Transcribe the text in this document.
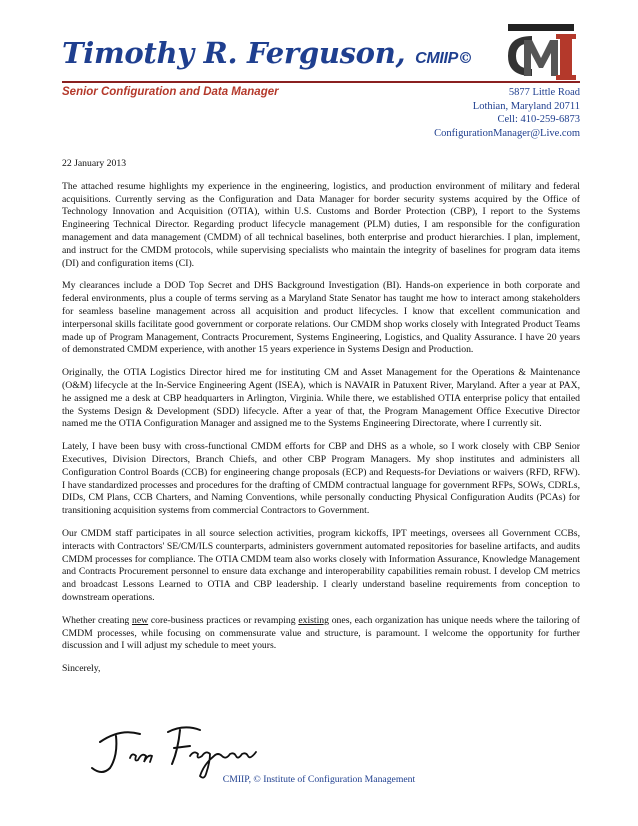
Timothy R. Ferguson, CMIIP©
Senior Configuration and Data Manager	5877 Little Road
Lothian, Maryland 20711
Cell: 410-259-6873
ConfigurationManager@Live.com

22 January 2013

The attached resume highlights my experience in the engineering, logistics, and production environment of military and federal acquisitions. Currently serving as the Configuration and Data Manager for border security systems acquired by the Office of Technology Innovation and Acquisition (OTIA), within U.S. Customs and Border Protection (CBP), I report to the Systems Engineering Technical Director. Regarding product lifecycle management (PLM) duties, I am responsible for the configuration management and data management (CMDM) of all technical baselines, both enterprise and product hierarchies. I plan, implement, and instruct for the CMDM protocols, while supervising specialists who maintain the integrity of baselines for program data items (DI) and configuration items (CI).

My clearances include a DOD Top Secret and DHS Background Investigation (BI). Hands-on experience in both corporate and federal environments, plus a couple of terms serving as a Maryland State Senator has taught me how to interact among stakeholders for seamless baseline management across all acquisition and product lifecycles. I know that excellent communication and interpersonal skills facilitate good government or corporate relations. Our CMDM shop works closely with Integrated Product Teams made up of Program Management, Contracts Procurement, Systems Engineering, Logistics, and Quality Assurance. I have 20 years of demonstrated CMDM experience, with another 15 years experience in Systems Design and Production.

Originally, the OTIA Logistics Director hired me for instituting CM and Asset Management for the Operations & Maintenance (O&M) lifecycle at the In-Service Engineering Agent (ISEA), which is NAVAIR in Patuxent River, Maryland. After a year at PAX, he assigned me a desk at CBP headquarters in Arlington, Virginia. While there, we established OTIA enterprise policy that entailed the Systems Design & Development (SDD) lifecycle. After a year of that, the Program Management Office Executive Director named me the OTIA Configuration Manager and assigned me to the Systems Engineering Directorate, where I currently sit.

Lately, I have been busy with cross-functional CMDM efforts for CBP and DHS as a whole, so I work closely with CBP Senior Executives, Division Directors, Branch Chiefs, and other CBP Program Managers. My shop institutes and administers all Configuration Control Boards (CCB) for engineering change proposals (ECP) and Requests-for Deviations or waivers (RFD, RFW). I have standardized processes and procedures for the drafting of CMDM contractual language for government RFPs, SOWs, CDRLs, DIDs, CM Plans, CCB Charters, and Naming Conventions, while personally conducting Physical Configuration Audits (PCAs) for transitioning acquisition systems from commercial Contractors to Government.

Our CMDM staff participates in all source selection activities, program kickoffs, IPT meetings, oversees all Government CCBs, interacts with Contractors' SE/CM/ILS counterparts, administers government automated repositories for baseline artifacts, and audits CMDM processes for compliance. The OTIA CMDM team also works closely with Information Assurance, Knowledge Management and Contracts Procurement personnel to ensure data exchange and interoperability capabilities remain robust. I develop CM metrics and broadcast Lessons Learned to OTIA and CBP leadership. I clearly understand baseline requirements from conception to downstream operations.

Whether creating new core-business practices or revamping existing ones, each organization has unique needs where the tailoring of CMDM processes, while focusing on commensurate value and structure, is paramount. I welcome the opportunity for further discussion and I will adjust my schedule to meet yours.

Sincerely,

CMIIP, © Institute of Configuration Management
